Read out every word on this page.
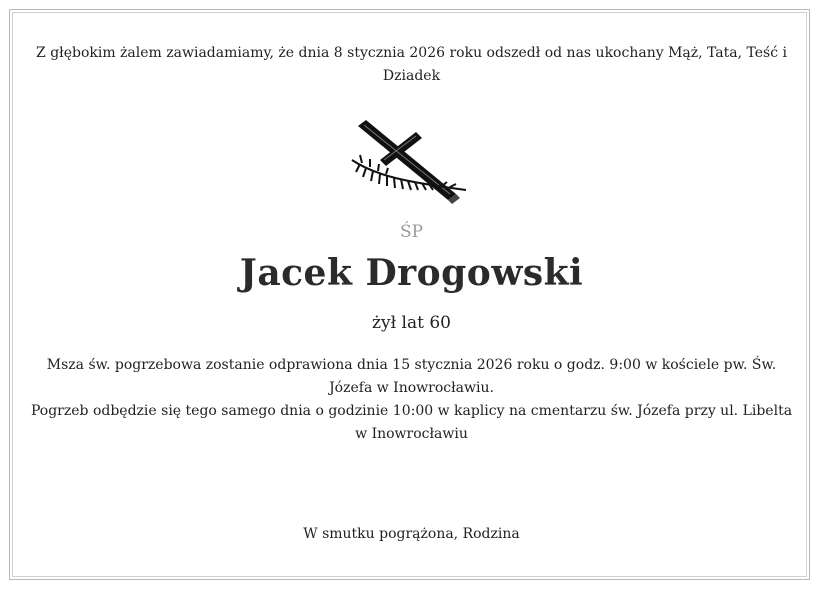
Z głębokim żalem zawiadamiamy, że dnia 8 stycznia 2026 roku odszedł od nas ukochany Mąż, Tata, Teść i
Dziadek
ŚP
Jacek Drogowski
żył lat 60
Msza św. pogrzebowa zostanie odprawiona dnia 15 stycznia 2026 roku o godz. 9:00 w kościele pw. Św.
Józefa w Inowrocławiu.
Pogrzeb odbędzie się tego samego dnia o godzinie 10:00 w kaplicy na cmentarzu św. Józefa przy ul. Libelta
w Inowrocławiu
W smutku pogrążona, Rodzina
